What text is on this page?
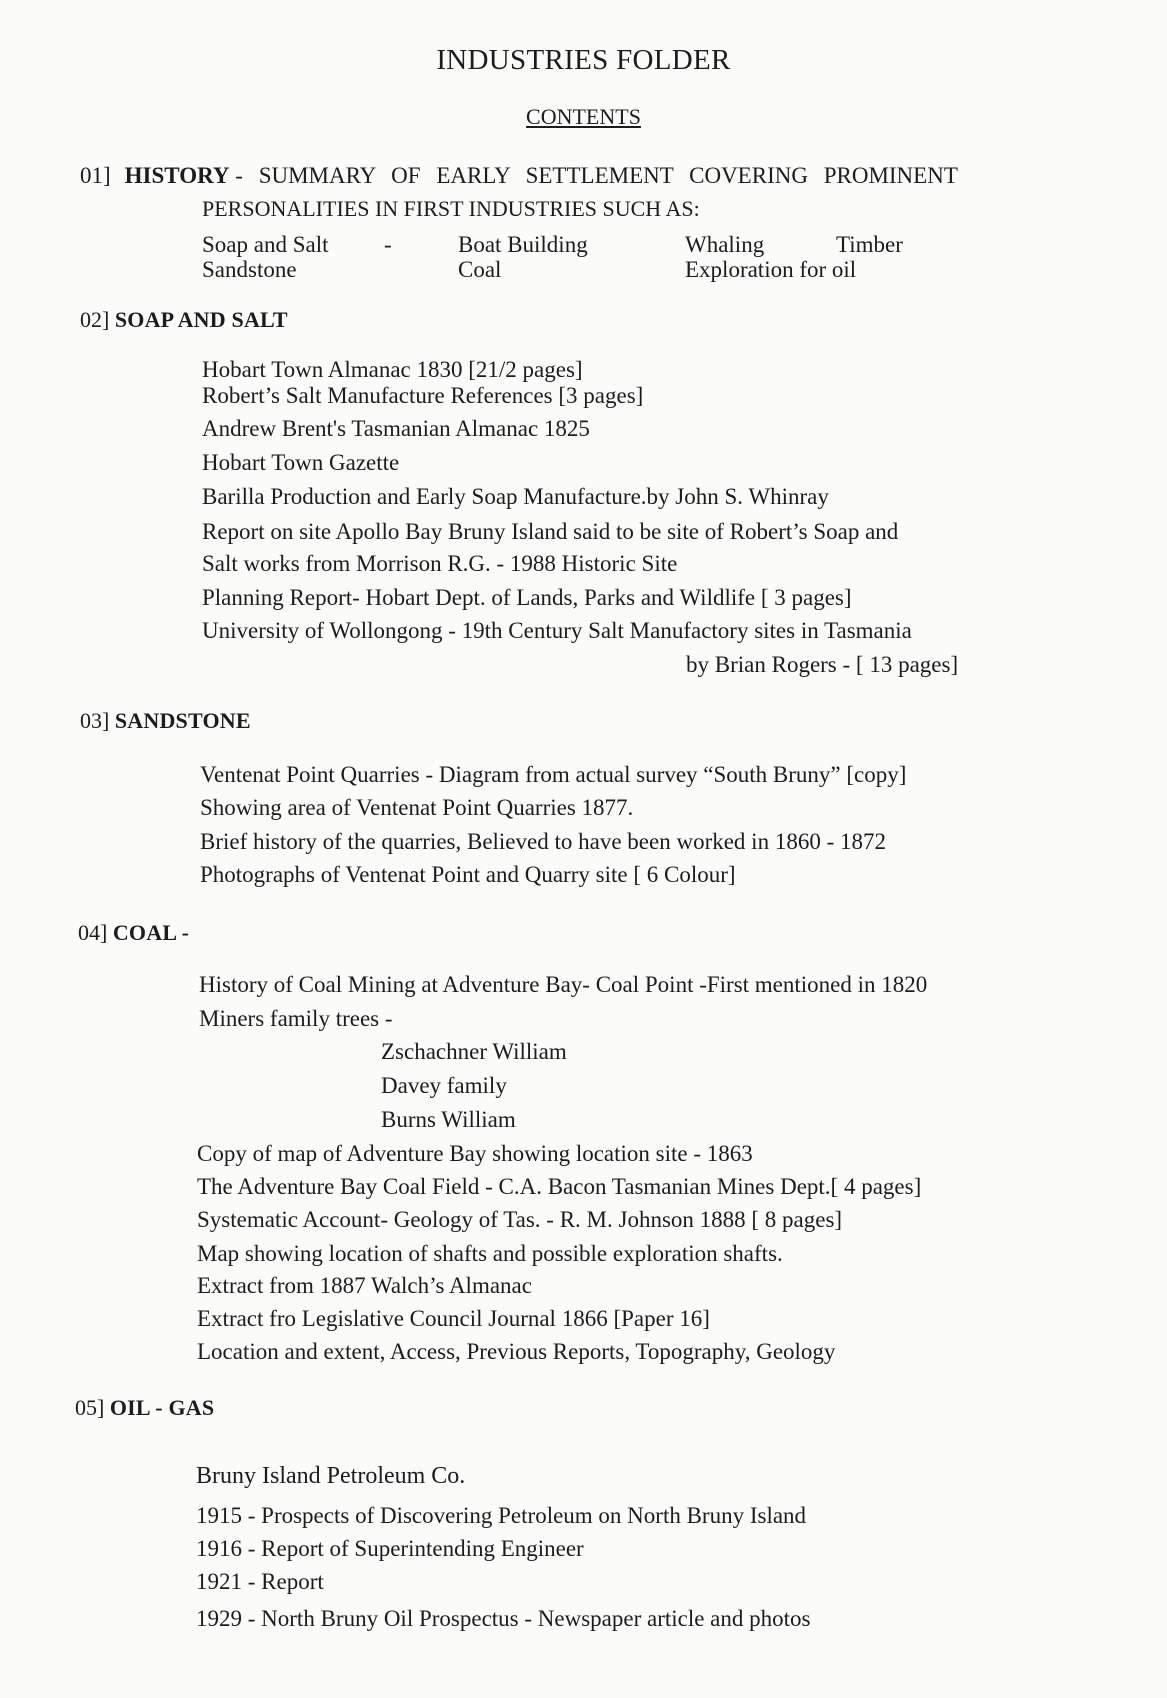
INDUSTRIES FOLDER
CONTENTS
01] HISTORY - SUMMARY OF EARLY SETTLEMENT COVERING PROMINENT
PERSONALITIES IN FIRST INDUSTRIES SUCH AS:
Soap and Salt -	Boat Building	Whaling	Timber
Sandstone	Coal	Exploration for oil
02] SOAP AND SALT
Hobart Town Almanac 1830 [21/2 pages]
Robert’s Salt Manufacture References [3 pages]
Andrew Brent's Tasmanian Almanac 1825
Hobart Town Gazette
Barilla Production and Early Soap Manufacture.by John S. Whinray
Report on site Apollo Bay Bruny Island said to be site of Robert’s Soap and
Salt works from Morrison R.G. - 1988 Historic Site
Planning Report- Hobart Dept. of Lands, Parks and Wildlife [ 3 pages]
University of Wollongong - 19th Century Salt Manufactory sites in Tasmania
by Brian Rogers - [ 13 pages]
03] SANDSTONE
Ventenat Point Quarries - Diagram from actual survey “South Bruny” [copy]
Showing area of Ventenat Point Quarries 1877.
Brief history of the quarries, Believed to have been worked in 1860 - 1872
Photographs of Ventenat Point and Quarry site [ 6 Colour]
04] COAL -
History of Coal Mining at Adventure Bay- Coal Point -First mentioned in 1820
Miners family trees -
Zschachner William
Davey family
Burns William
Copy of map of Adventure Bay showing location site - 1863
The Adventure Bay Coal Field - C.A. Bacon Tasmanian Mines Dept.[ 4 pages]
Systematic Account- Geology of Tas. - R. M. Johnson 1888 [ 8 pages]
Map showing location of shafts and possible exploration shafts.
Extract from 1887 Walch’s Almanac
Extract fro Legislative Council Journal 1866 [Paper 16]
Location and extent, Access, Previous Reports, Topography, Geology
05] OIL - GAS
Bruny Island Petroleum Co.
1915 - Prospects of Discovering Petroleum on North Bruny Island
1916 - Report of Superintending Engineer
1921 - Report
1929 - North Bruny Oil Prospectus - Newspaper article and photos
